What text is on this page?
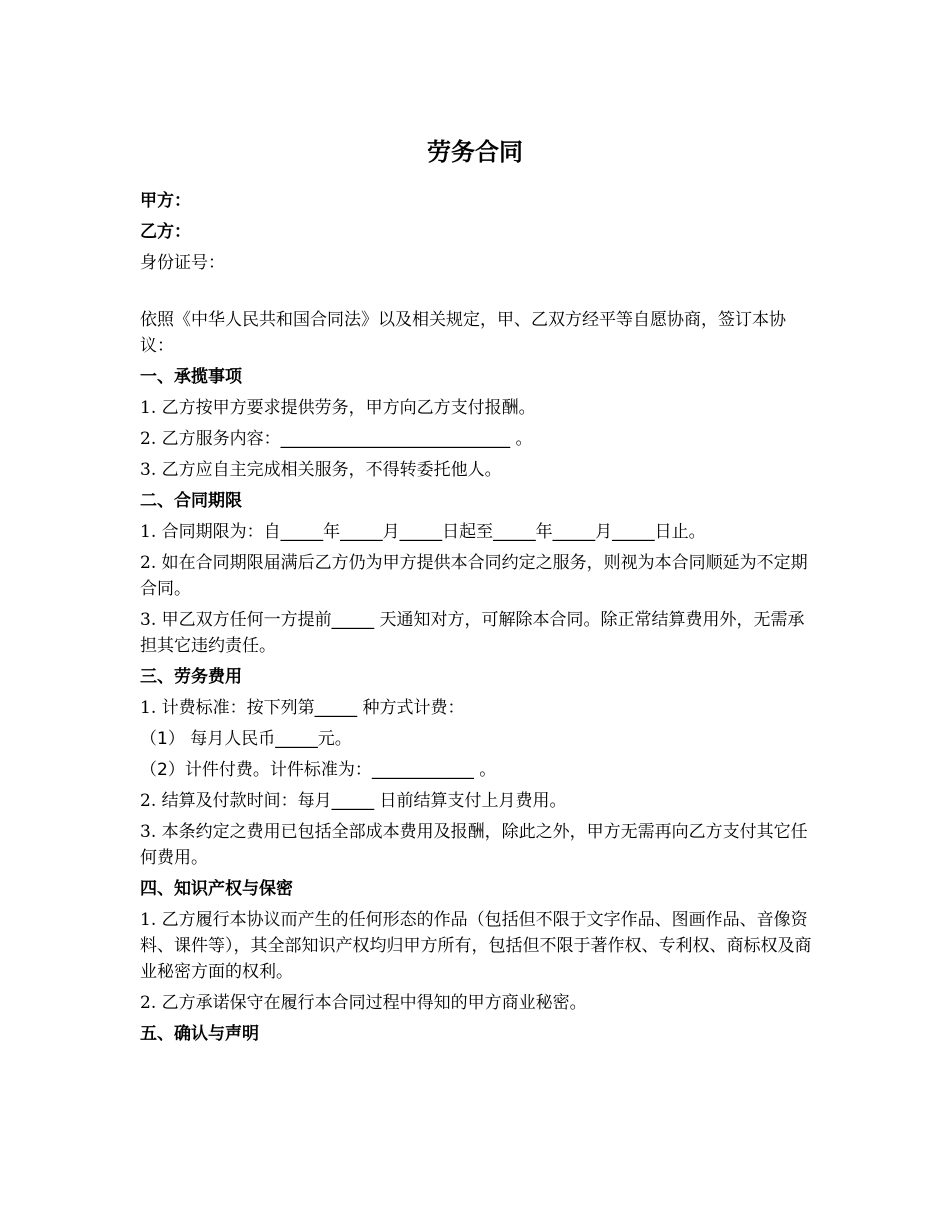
劳务合同
甲方：
乙方：
身份证号：
依照《中华人民共和国合同法》以及相关规定，甲、乙双方经平等自愿协商，签订本协议：
一、承揽事项
1. 乙方按甲方要求提供劳务，甲方向乙方支付报酬。
2. 乙方服务内容：___________________________ 。
3. 乙方应自主完成相关服务，不得转委托他人。
二、合同期限
1. 合同期限为：自_____年_____月_____日起至_____年_____月_____日止。
2. 如在合同期限届满后乙方仍为甲方提供本合同约定之服务，则视为本合同顺延为不定期合同。
3. 甲乙双方任何一方提前_____ 天通知对方，可解除本合同。除正常结算费用外，无需承担其它违约责任。
三、劳务费用
1. 计费标准：按下列第_____ 种方式计费：
（1） 每月人民币_____元。
（2）计件付费。计件标准为：____________ 。
2. 结算及付款时间：每月_____ 日前结算支付上月费用。
3. 本条约定之费用已包括全部成本费用及报酬，除此之外，甲方无需再向乙方支付其它任何费用。
四、知识产权与保密
1. 乙方履行本协议而产生的任何形态的作品（包括但不限于文字作品、图画作品、音像资料、课件等），其全部知识产权均归甲方所有，包括但不限于著作权、专利权、商标权及商业秘密方面的权利。
2. 乙方承诺保守在履行本合同过程中得知的甲方商业秘密。
五、确认与声明
